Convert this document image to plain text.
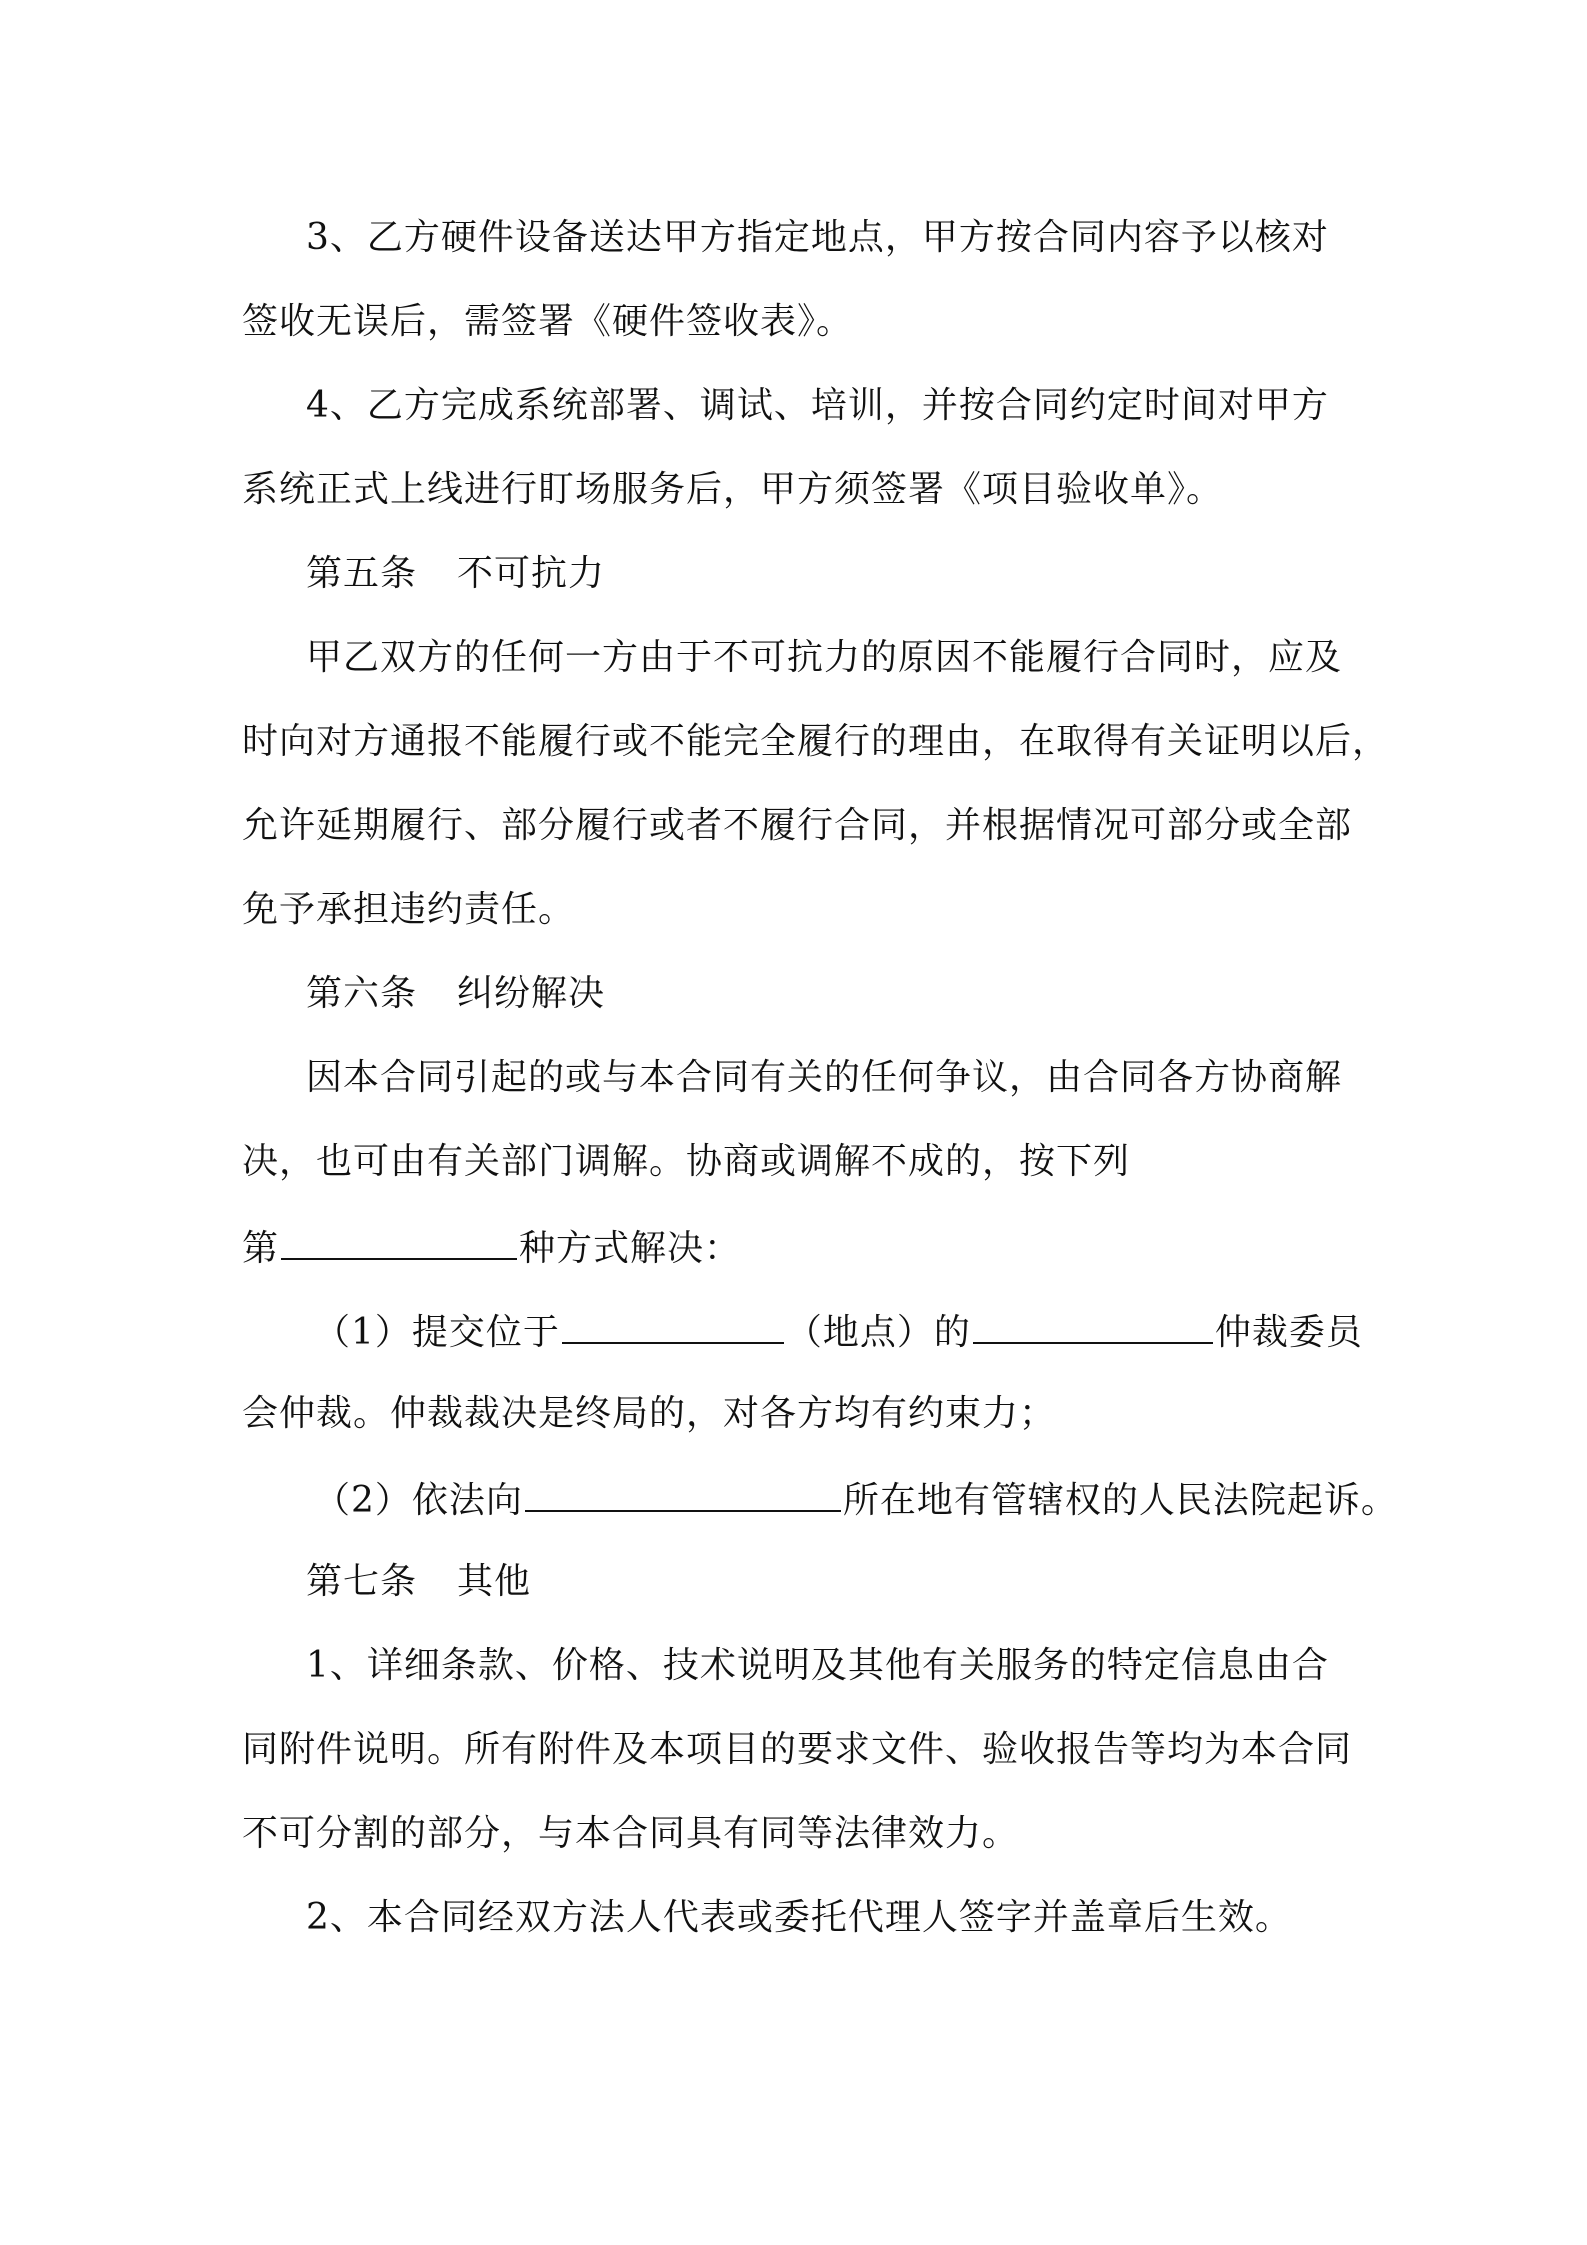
3、乙方硬件设备送达甲方指定地点，甲方按合同内容予以核对
签收无误后，需签署《硬件签收表》。
4、乙方完成系统部署、调试、培训，并按合同约定时间对甲方
系统正式上线进行盯场服务后，甲方须签署《项目验收单》。
第五条 不可抗力
甲乙双方的任何一方由于不可抗力的原因不能履行合同时，应及
时向对方通报不能履行或不能完全履行的理由，在取得有关证明以后，
允许延期履行、部分履行或者不履行合同，并根据情况可部分或全部
免予承担违约责任。
第六条 纠纷解决
因本合同引起的或与本合同有关的任何争议，由合同各方协商解
决，也可由有关部门调解。协商或调解不成的，按下列
第	种方式解决：
（1）提交位于	（地点）的	仲裁委员
会仲裁。仲裁裁决是终局的，对各方均有约束力；
（2）依法向	所在地有管辖权的人民法院起诉。
第七条 其他
1、详细条款、价格、技术说明及其他有关服务的特定信息由合
同附件说明。所有附件及本项目的要求文件、验收报告等均为本合同
不可分割的部分，与本合同具有同等法律效力。
2、本合同经双方法人代表或委托代理人签字并盖章后生效。
